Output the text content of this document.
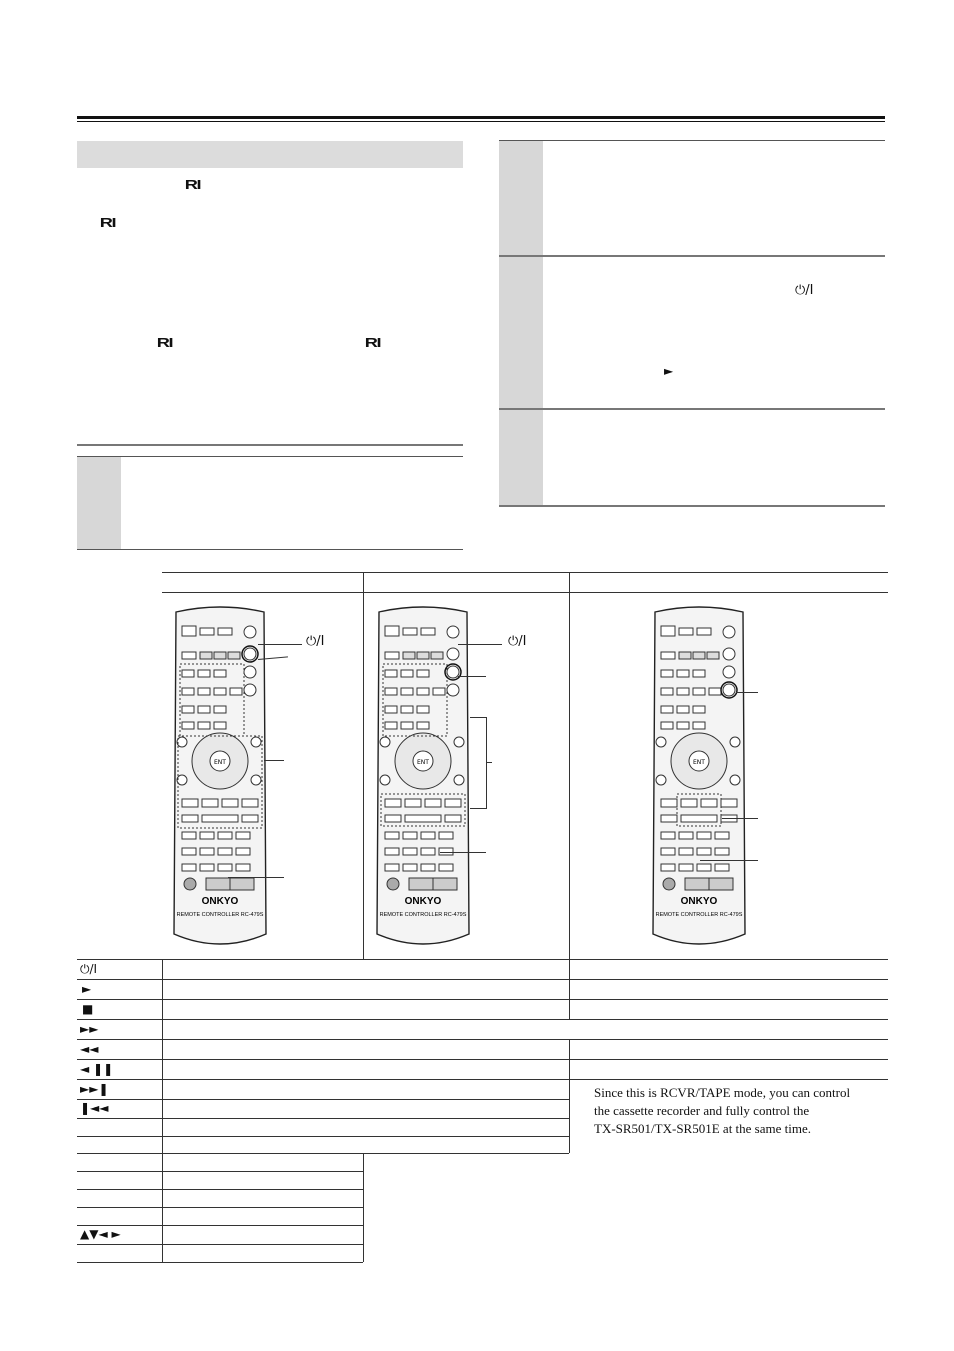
RI
RI
RI	RI
⏻/I
►
ONKYO
REMOTE CONTROLLER RC-479S
⏻/I
ONKYO
REMOTE CONTROLLER RC-479S
⏻/I
ONKYO
REMOTE CONTROLLER RC-479S
⏻/I
►
■
►►
◄◄
◄ ❚❚
►►❚
❚◄◄
▲▼◄ ►
Since this is RCVR/TAPE mode, you can control
the cassette recorder and fully control the
TX-SR501/TX-SR501E at the same time.
